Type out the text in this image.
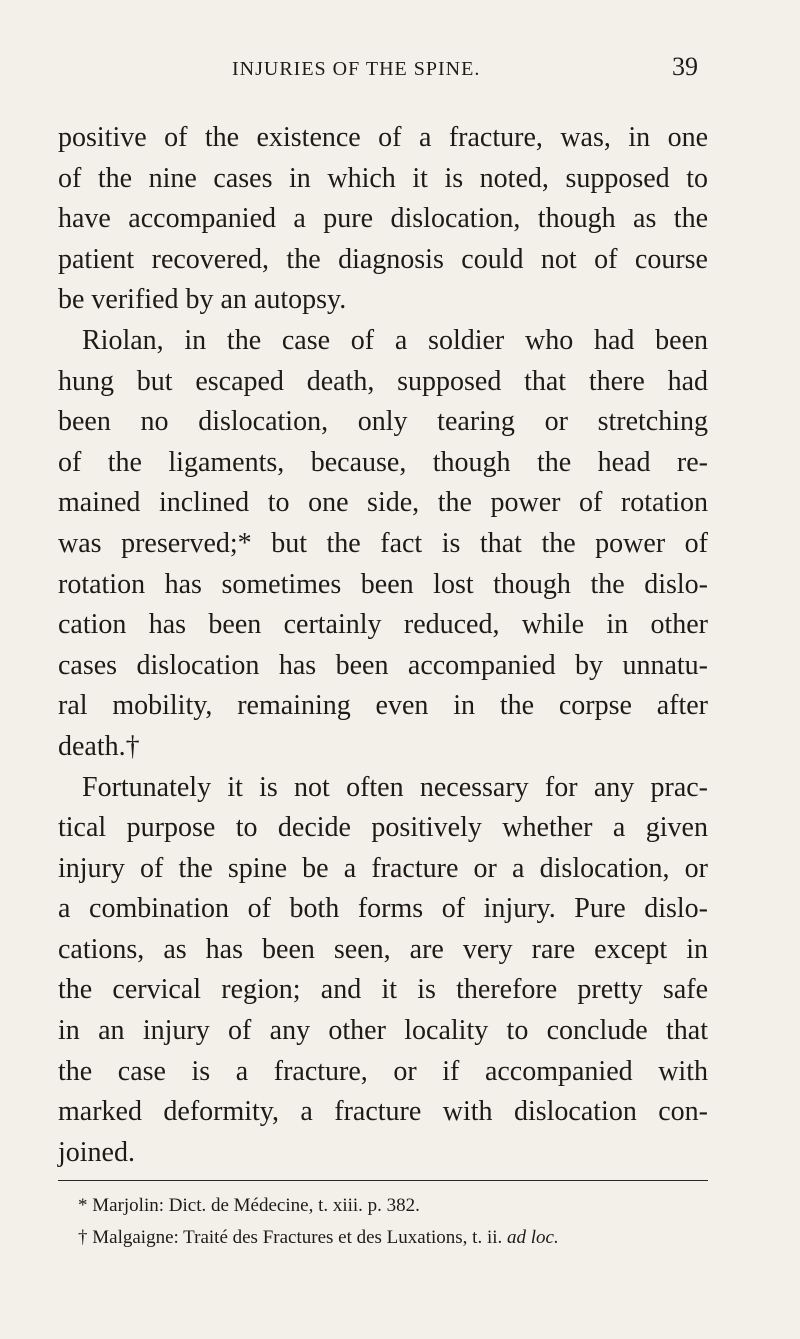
INJURIES OF THE SPINE.	39
positive of the existence of a fracture, was, in one
of the nine cases in which it is noted, supposed to
have accompanied a pure dislocation, though as the
patient recovered, the diagnosis could not of course
be verified by an autopsy.
Riolan, in the case of a soldier who had been
hung but escaped death, supposed that there had
been no dislocation, only tearing or stretching
of the ligaments, because, though the head re-
mained inclined to one side, the power of rotation
was preserved;* but the fact is that the power of
rotation has sometimes been lost though the dislo-
cation has been certainly reduced, while in other
cases dislocation has been accompanied by unnatu-
ral mobility, remaining even in the corpse after
death.†
Fortunately it is not often necessary for any prac-
tical purpose to decide positively whether a given
injury of the spine be a fracture or a dislocation, or
a combination of both forms of injury. Pure dislo-
cations, as has been seen, are very rare except in
the cervical region; and it is therefore pretty safe
in an injury of any other locality to conclude that
the case is a fracture, or if accompanied with
marked deformity, a fracture with dislocation con-
joined.
* Marjolin: Dict. de Médecine, t. xiii. p. 382.
† Malgaigne: Traité des Fractures et des Luxations, t. ii. ad loc.
